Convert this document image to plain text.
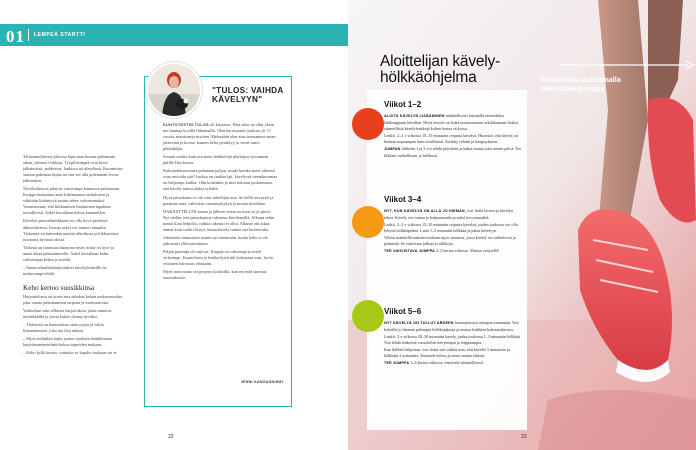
01 LEMPEÄ STARTTI

Yliluonnollisessa juhossa kipu tuan hiunaa pidemmäs aikaa, yleensä viikkoja. Tyypillisimpiä ovat kivut jalkaterissä, pohkeissa, lonkissa tai alaselässä. Kuormittus saattaa pahentaa kipua tai sitä voi olla pidemmän levon jälkeenkin.

Nivelkohteissa jalat on vaativampi kunnossa pelaamaan. Kroppa mukautuu aina kokemaansa rasitukseen ja vähittäin lisääntyvä rasitus tekee vahvemmaksi. Varmistetaan, että liikkumisen lisääminen tapahtuu turvallisesti. Askel kerrallaan kehoa kuunnellen.

Kävelyn perustekniikkaan voi olla hyvä perehtyä alkuvaiheessa. Isompi askel voi tuntua raskaalta. Tärkeintä on kuitenkin nauttia ulkoilusta ja liikkumisen tuomasta hyvästä olosta.

Tärkeää on tunnistaa huonona myös mistä on kyse ja antaa aikaa palautumiselle. Askel kerrallaan kohti vahvempaa kehoa ja mieltä.

– Sanaa tekniikkaharjoitukset kävelylenkeille on mukavampi tehdä.

Keho kertoo suosikkinsa

Harjoittelussa on aivan asia tehokas kehon mukavuusalue, joka vastaa palautumisen tarpeita ja motivaatioita.

Valitsehan vain sellaisia harjoituksia, jotka tuntuvat mielekkäiltä ja joista kokee olonsa hyväksi.

– Tärkeintä on kunnioittaa omia rajoja ja valita liikuntamuoto, joka tuo iloa arkeen.

– Myös mihinkin lajiin joutuu ajoittain hankkimaan harjoitusmenetelmiä kehon tarpeiden mukaan.

– Keho kyllä kertoo, tottuuko se lopulta tuokaan vai ei.

"TULOS: VAIHDA KÄVELYYN"

KUNTOTESTIN TULOS oli kiistaton. Eikä siksi ne ollut yksin nin huimaa kovilla liikunnalla. Olen harrastanut juoksua yli 15 vuotta, maratoneja myöten. Meleetään olen aina treenannut oman järkeväni ja kovaa, kunnes keho pysähtyy ja viesti sanoi pikkuhiljaa.

Sonnin saatiin kuin nin moni lenkkeilijä pluitrajuu ryvimmän pulllle Ilan kovaa.

Kokonaiskuormasta puhutaan paljon, mutta kuinka moni oikeasti osaa arvioida sitä? Juoksu on rankka laji, kävelyssä treenikuormaa on helpompi hallita. Olin kuitenkin jo niin tottunut juoksemaan, että kävely tuntui aluksi tylsältä.

Hyvä peruskunto ei ole vain urheilijan asia. Se hellii terveyttä ja parantaa unta, vahvistaa vastustuskykyä ja nostaa mielialaa.

HARJOITTELUNI ennen ja jälkeen testin on kuin yö ja päivä. Nyt tiedän, että peruskuntoa rakentuu kävelemällä. Alkuun sekin tuntui liian helpolta, vaikka oikeasti ei ollut. Alkuun otti aikaa ennen kuin vauhti löytyi, mutta kävely tuntuu nyt luontevalta.

Jokaisesta minuutista nautin nyt enemmän, koska keho ei ole jatkuvasti ylikuormittunut.

Paljon parempi olo arjessa. Kroppa on vahvempi ja mieli virkeämpi. Kuntoilusta ja lenkkeilystä tuli kokonaan uusi, hyvin erilainen harrastus elämääni.

Myös motivaatio on pysynyt korkealla, kun en enää stressaa suorituksista.

JENNI KANGASNIEMI
22
Seuraavalla aukeamalla vahvistava jumppa
Aloittelijan kävelyhölkkäohjelma
Viikot 1–2

ALOITA KÄVELYN LISÄÄMINEN mahdollisesti käymällä esimerkiksi lähikauppaan kävellen. Hyvä tavoite on lisätä tavanomaisen arkiliikunnan lisäksi säännöllisiä kävelylenkkejä kolme kertaa viikossa.

Lenkit: 2–3 x viikossa 10–15 minuutin reipasta kävelyä. Huomioi, että kävely on hieman nopeampaa kuin tavallisesti. Keskity ryhtiin ja hengitykseen.

JUMPAN liikkeitä 1 ja 2 voi tehdä päivittäin ja kahta muuta joka toinen päivä. Tee liikkeet rauhallisesti ja hallitusti.

Viikot 3–4

NYT, KUN KÄVELYÄ ON ALLA JO HIEMAN, voit lisätä kestoa ja kävelyn tehoa. Kävely voi tuntua jo helpommalta ja askel kevyemmältä.

Lenkit: 2–3 x viikossa 15–20 minuutin reipasta kävelyä, joiden joukossa voi olla lyhyitä hölkkäpätkiä. Lisää 1–2 minuutin hölkkää ja palaa kävelyyn.

Valitse mahdollisuuksien mukaan myös maastoa, jossa kävely on vaihtelevaa ja pehmeää. Se vahvistaa jalkoja ja nilkkoja.

TEE VAHVISTAVA JUMPPA 4–5 kertaa viikossa. Muista venytellä!

Viikot 5–6

NYT KÄVELYÄ ON TULLUT ARKEEN huomattavasti aiempaa enemmän. Voit kokeilla jo hieman pidempiä hölkkäjaksoja ja nostaa lenkkien kokonaiskestoa.

Lenkit: 3 x viikossa 20–30 minuutin kävely, jonka joukossa 1–3 minuutin hölkkää. Voit tehdä lenkeistä vuorotellen kevyempiä ja reippaampia.

Kun hölkkä helpottuu, voit lisätä sitä vaikka niin, että kävelet 3 minuuttia ja hölkkäät 2 minuuttia. Kuuntele kehoa ja etene omaan tahtiin.

TEE JUMPPA 5–6 kertaa viikossa, venyttele säännöllisesti.

23
